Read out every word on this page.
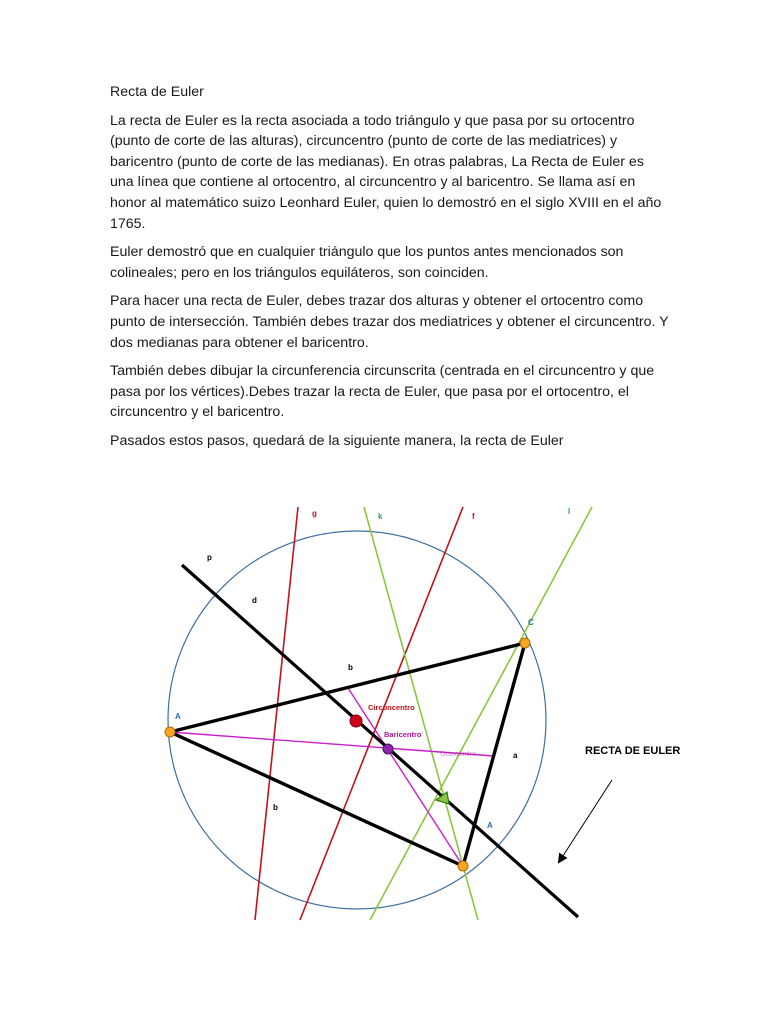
Recta de Euler

La recta de Euler es la recta asociada a todo triángulo y que pasa por su ortocentro (punto de corte de las alturas), circuncentro (punto de corte de las mediatrices) y baricentro (punto de corte de las medianas). En otras palabras, La Recta de Euler es una línea que contiene al ortocentro, al circuncentro y al baricentro. Se llama así en honor al matemático suizo Leonhard Euler, quien lo demostró en el siglo XVIII en el año 1765.

Euler demostró que en cualquier triángulo que los puntos antes mencionados son colineales; pero en los triángulos equiláteros, son coinciden.

Para hacer una recta de Euler, debes trazar dos alturas y obtener el ortocentro como punto de intersección. También debes trazar dos mediatrices y obtener el circuncentro. Y dos medianas para obtener el baricentro.

También debes dibujar la circunferencia circunscrita (centrada en el circuncentro y que pasa por los vértices).Debes trazar la recta de Euler, que pasa por el ortocentro, el circuncentro y el baricentro.

Pasados estos pasos, quedará de la siguiente manera, la recta de Euler

g	k	f
l
p
d
A
C
A
b
b
a
Circuncentro
Baricentro
Ortocentro	RECTA DE EULER
